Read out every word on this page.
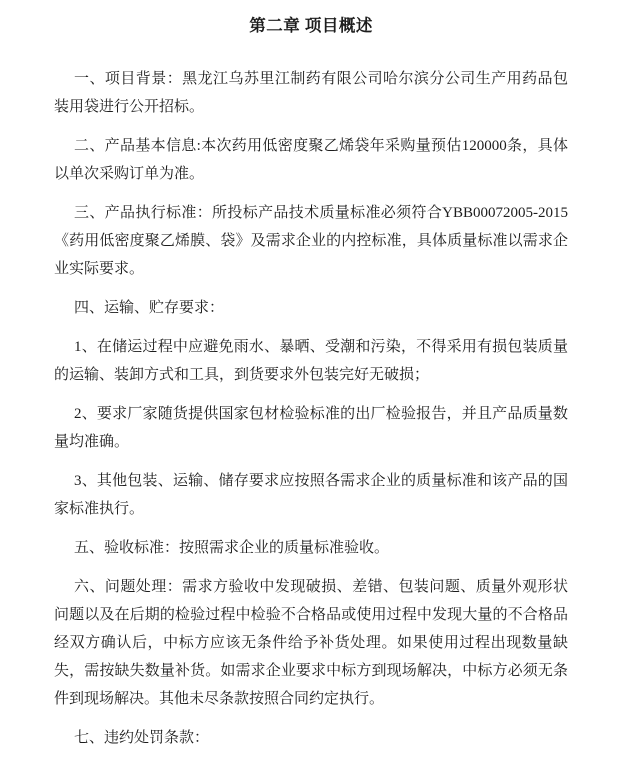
第二章 项目概述

一、项目背景：黑龙江乌苏里江制药有限公司哈尔滨分公司生产用药品包装用袋进行公开招标。

二、产品基本信息:本次药用低密度聚乙烯袋年采购量预估120000条，具体以单次采购订单为准。

三、产品执行标准：所投标产品技术质量标准必须符合YBB00072005-2015《药用低密度聚乙烯膜、袋》及需求企业的内控标准，具体质量标准以需求企业实际要求。

四、运输、贮存要求：

1、在储运过程中应避免雨水、暴晒、受潮和污染，不得采用有损包装质量的运输、装卸方式和工具，到货要求外包装完好无破损；

2、要求厂家随货提供国家包材检验标准的出厂检验报告，并且产品质量数量均准确。

3、其他包装、运输、储存要求应按照各需求企业的质量标准和该产品的国家标准执行。

五、验收标准：按照需求企业的质量标准验收。

六、问题处理：需求方验收中发现破损、差错、包装问题、质量外观形状问题以及在后期的检验过程中检验不合格品或使用过程中发现大量的不合格品经双方确认后，中标方应该无条件给予补货处理。如果使用过程出现数量缺失，需按缺失数量补货。如需求企业要求中标方到现场解决，中标方必须无条件到现场解决。其他未尽条款按照合同约定执行。

七、违约处罚条款：
